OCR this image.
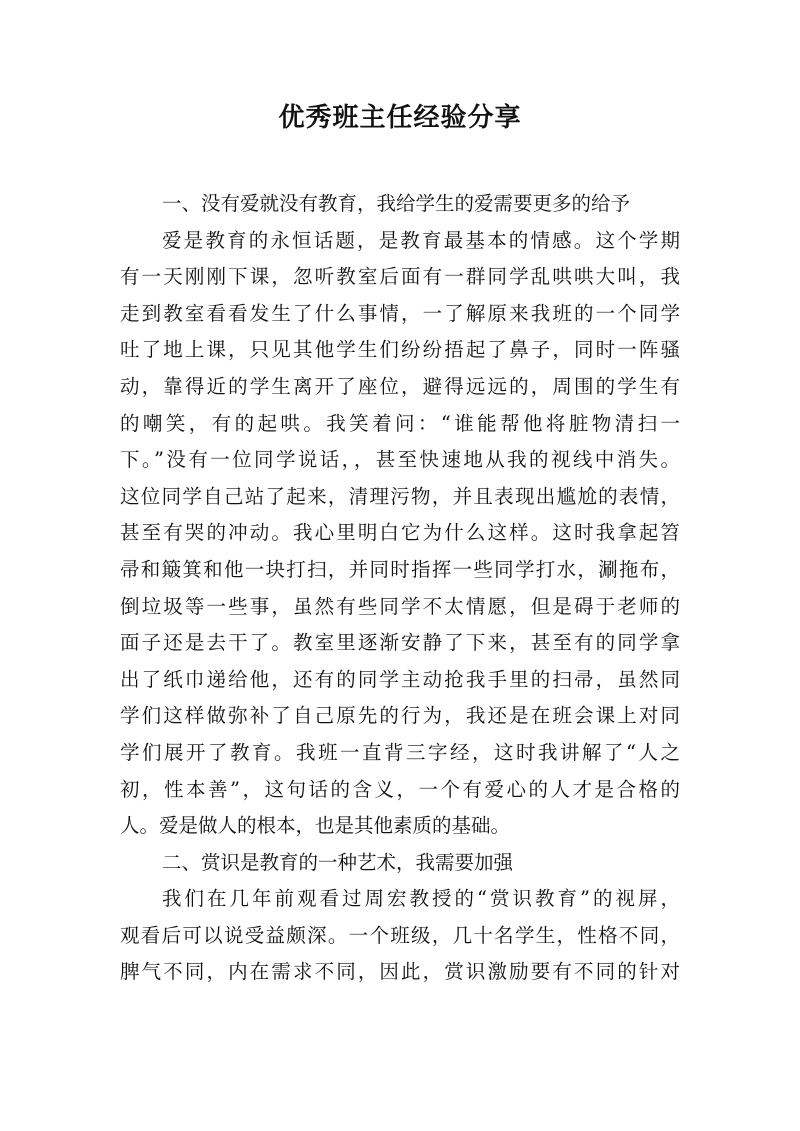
优秀班主任经验分享
一、没有爱就没有教育，我给学生的爱需要更多的给予
爱是教育的永恒话题，是教育最基本的情感。这个学期
有一天刚刚下课，忽听教室后面有一群同学乱哄哄大叫，我
走到教室看看发生了什么事情，一了解原来我班的一个同学
吐了地上课，只见其他学生们纷纷捂起了鼻子，同时一阵骚
动，靠得近的学生离开了座位，避得远远的，周围的学生有
的嘲笑，有的起哄。我笑着问：“谁能帮他将脏物清扫一
下。”没有一位同学说话，，甚至快速地从我的视线中消失。
这位同学自己站了起来，清理污物，并且表现出尴尬的表情，
甚至有哭的冲动。我心里明白它为什么这样。这时我拿起笤
帚和簸箕和他一块打扫，并同时指挥一些同学打水，涮拖布，
倒垃圾等一些事，虽然有些同学不太情愿，但是碍于老师的
面子还是去干了。教室里逐渐安静了下来，甚至有的同学拿
出了纸巾递给他，还有的同学主动抢我手里的扫帚，虽然同
学们这样做弥补了自己原先的行为，我还是在班会课上对同
学们展开了教育。我班一直背三字经，这时我讲解了“人之
初，性本善”，这句话的含义，一个有爱心的人才是合格的
人。爱是做人的根本，也是其他素质的基础。
二、赏识是教育的一种艺术，我需要加强
我们在几年前观看过周宏教授的“赏识教育”的视屏，
观看后可以说受益颇深。一个班级，几十名学生，性格不同，
脾气不同，内在需求不同，因此，赏识激励要有不同的针对
